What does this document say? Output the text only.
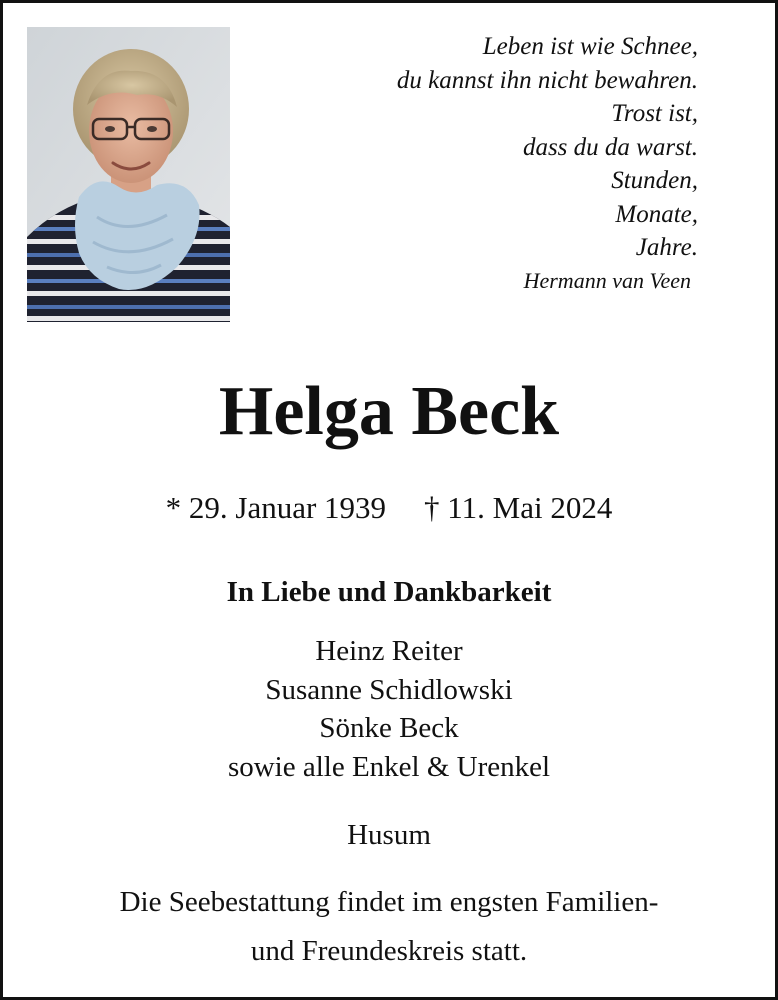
Leben ist wie Schnee,
du kannst ihn nicht bewahren.
Trost ist,
dass du da warst.
Stunden,
Monate,
Jahre.
Hermann van Veen
Helga Beck
* 29. Januar 1939 † 11. Mai 2024
In Liebe und Dankbarkeit
Heinz Reiter
Susanne Schidlowski
Sönke Beck
sowie alle Enkel & Urenkel
Husum
Die Seebestattung findet im engsten Familien-
und Freundeskreis statt.
